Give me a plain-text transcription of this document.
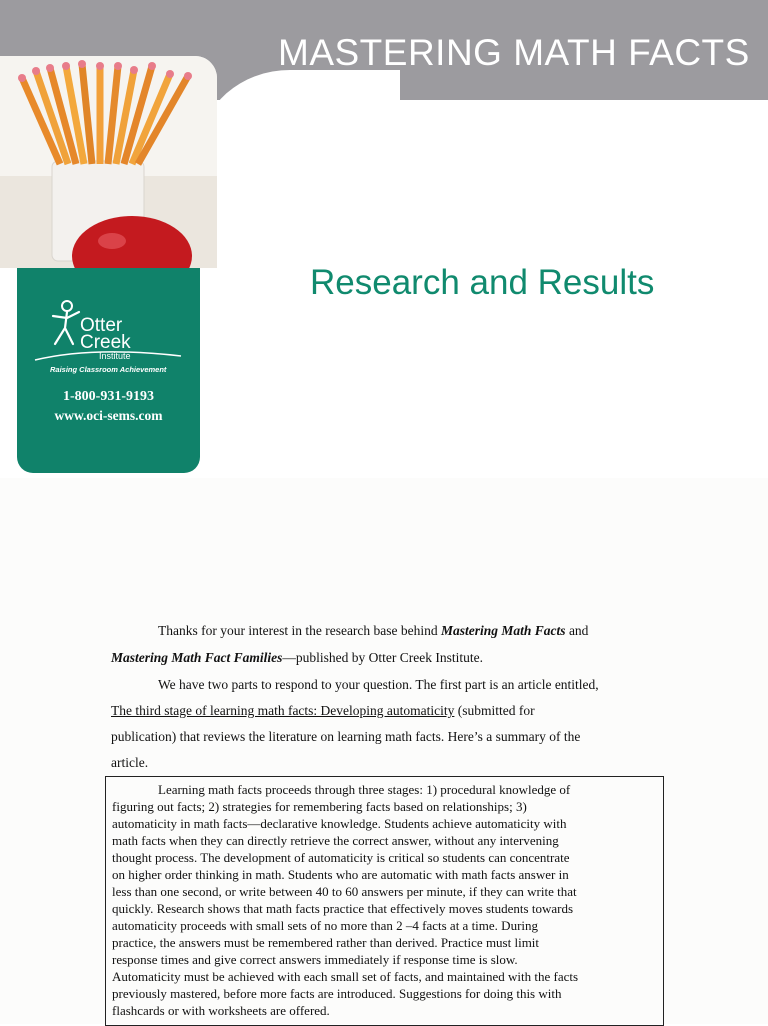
MASTERING MATH FACTS
Otter
Creek
Institute
Raising Classroom Achievement
1-800-931-9193
www.oci-sems.com
Research and Results
Thanks for your interest in the research base behind Mastering Math Facts and
Mastering Math Fact Families—published by Otter Creek Institute.
We have two parts to respond to your question. The first part is an article entitled,
The third stage of learning math facts: Developing automaticity (submitted for
publication) that reviews the literature on learning math facts. Here’s a summary of the
article.
Learning math facts proceeds through three stages: 1) procedural knowledge of
figuring out facts; 2) strategies for remembering facts based on relationships; 3)
automaticity in math facts—declarative knowledge. Students achieve automaticity with
math facts when they can directly retrieve the correct answer, without any intervening
thought process. The development of automaticity is critical so students can concentrate
on higher order thinking in math. Students who are automatic with math facts answer in
less than one second, or write between 40 to 60 answers per minute, if they can write that
quickly. Research shows that math facts practice that effectively moves students towards
automaticity proceeds with small sets of no more than 2 –4 facts at a time. During
practice, the answers must be remembered rather than derived. Practice must limit
response times and give correct answers immediately if response time is slow.
Automaticity must be achieved with each small set of facts, and maintained with the facts
previously mastered, before more facts are introduced. Suggestions for doing this with
flashcards or with worksheets are offered.
